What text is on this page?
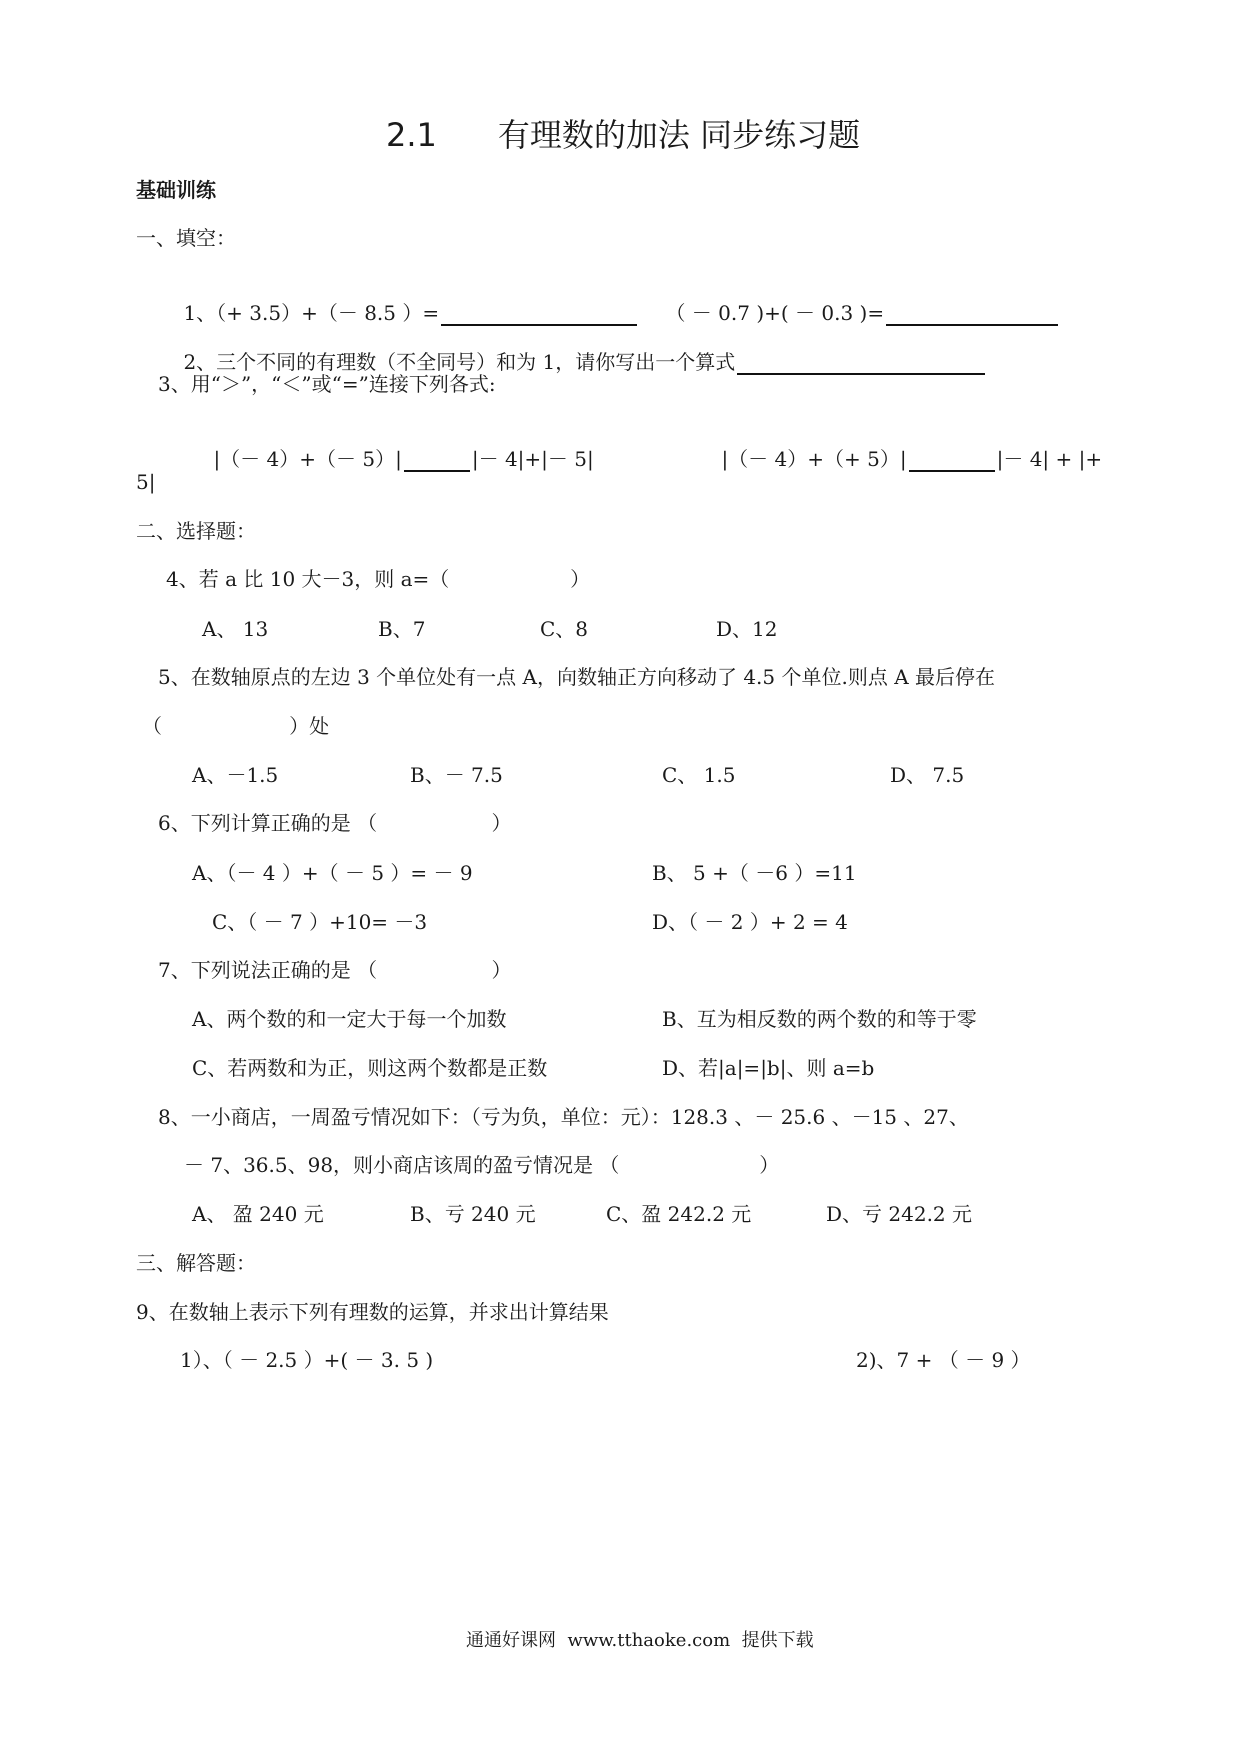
2.1      有理数的加法 同步练习题
基础训练
一、填空：

1、（+ 3.5）+（－ 8.5 ）=
	（ － 0.7 )+( － 0.3 )=

2、三个不同的有理数（不全同号）和为 1，请你写出一个算式

3、用“＞”，“＜”或“=”连接下列各式:

|（－ 4）+（－ 5）|	|－ 4|+|－ 5|
	|（－ 4）+（+ 5）|	|－ 4| + |+

5|
二、选择题：
4、若 a 比 10 大－3，则 a=（                   ）
A、 13	B、7	C、8	D、12
5、在数轴原点的左边 3 个单位处有一点 A，向数轴正方向移动了 4.5 个单位.则点 A 最后停在
（                    ）处
A、－1.5	B、－ 7.5	C、 1.5	D、 7.5
6、下列计算正确的是 （                  ）
A、（－ 4 ）+（ － 5 ）= － 9	B、 5 +（ －6 ）=11
C、（ － 7 ）+10= －3	D、（ － 2 ）+ 2 = 4
7、下列说法正确的是 （                  ）
A、两个数的和一定大于每一个加数	B、互为相反数的两个数的和等于零
C、若两数和为正，则这两个数都是正数	D、若|a|=|b|、则 a=b
8、一小商店，一周盈亏情况如下：（亏为负，单位：元）：128.3 、－ 25.6 、－15 、27、
－ 7、36.5、98，则小商店该周的盈亏情况是 （                      ）
A、 盈 240 元	B、亏 240 元	C、盈 242.2 元	D、亏 242.2 元
三、解答题：
9、在数轴上表示下列有理数的运算，并求出计算结果
1）、（ － 2.5 ）+( － 3. 5 )	2)、7 + （ － 9 ）
通通好课网  www.tthaoke.com  提供下载
